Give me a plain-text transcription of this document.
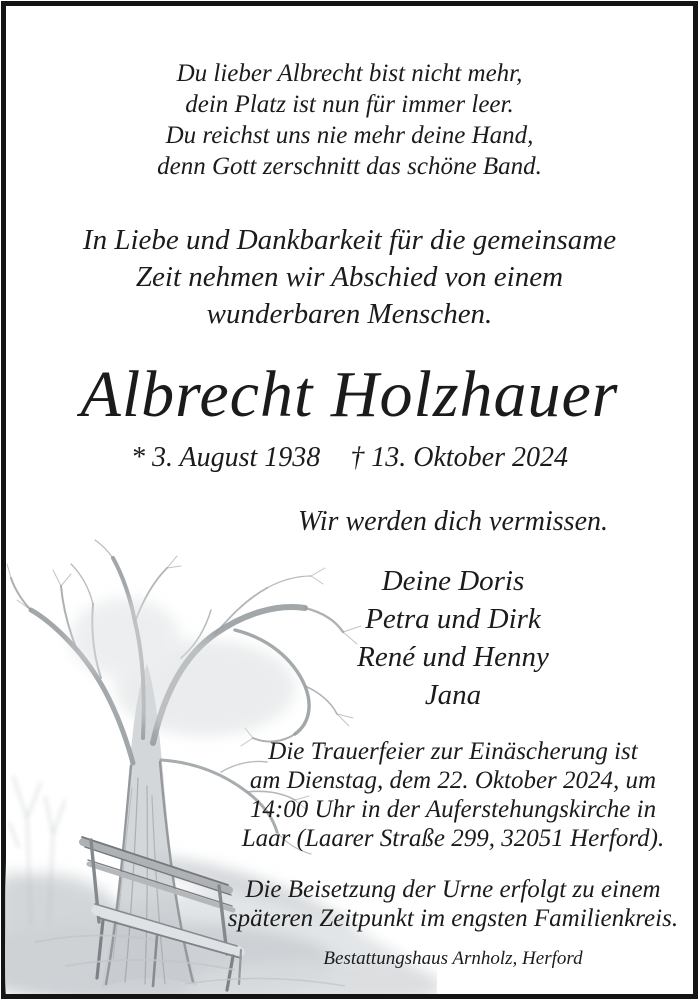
Du lieber Albrecht bist nicht mehr,
dein Platz ist nun für immer leer.
Du reichst uns nie mehr deine Hand,
denn Gott zerschnitt das schöne Band.
In Liebe und Dankbarkeit für die gemeinsame
Zeit nehmen wir Abschied von einem
wunderbaren Menschen.
Albrecht Holzhauer
* 3. August 1938 † 13. Oktober 2024
Wir werden dich vermissen.
Deine Doris
Petra und Dirk
René und Henny
Jana
Die Trauerfeier zur Einäscherung ist
am Dienstag, dem 22. Oktober 2024, um
14:00 Uhr in der Auferstehungskirche in
Laar (Laarer Straße 299, 32051 Herford).
Die Beisetzung der Urne erfolgt zu einem
späteren Zeitpunkt im engsten Familienkreis.
Bestattungshaus Arnholz, Herford
